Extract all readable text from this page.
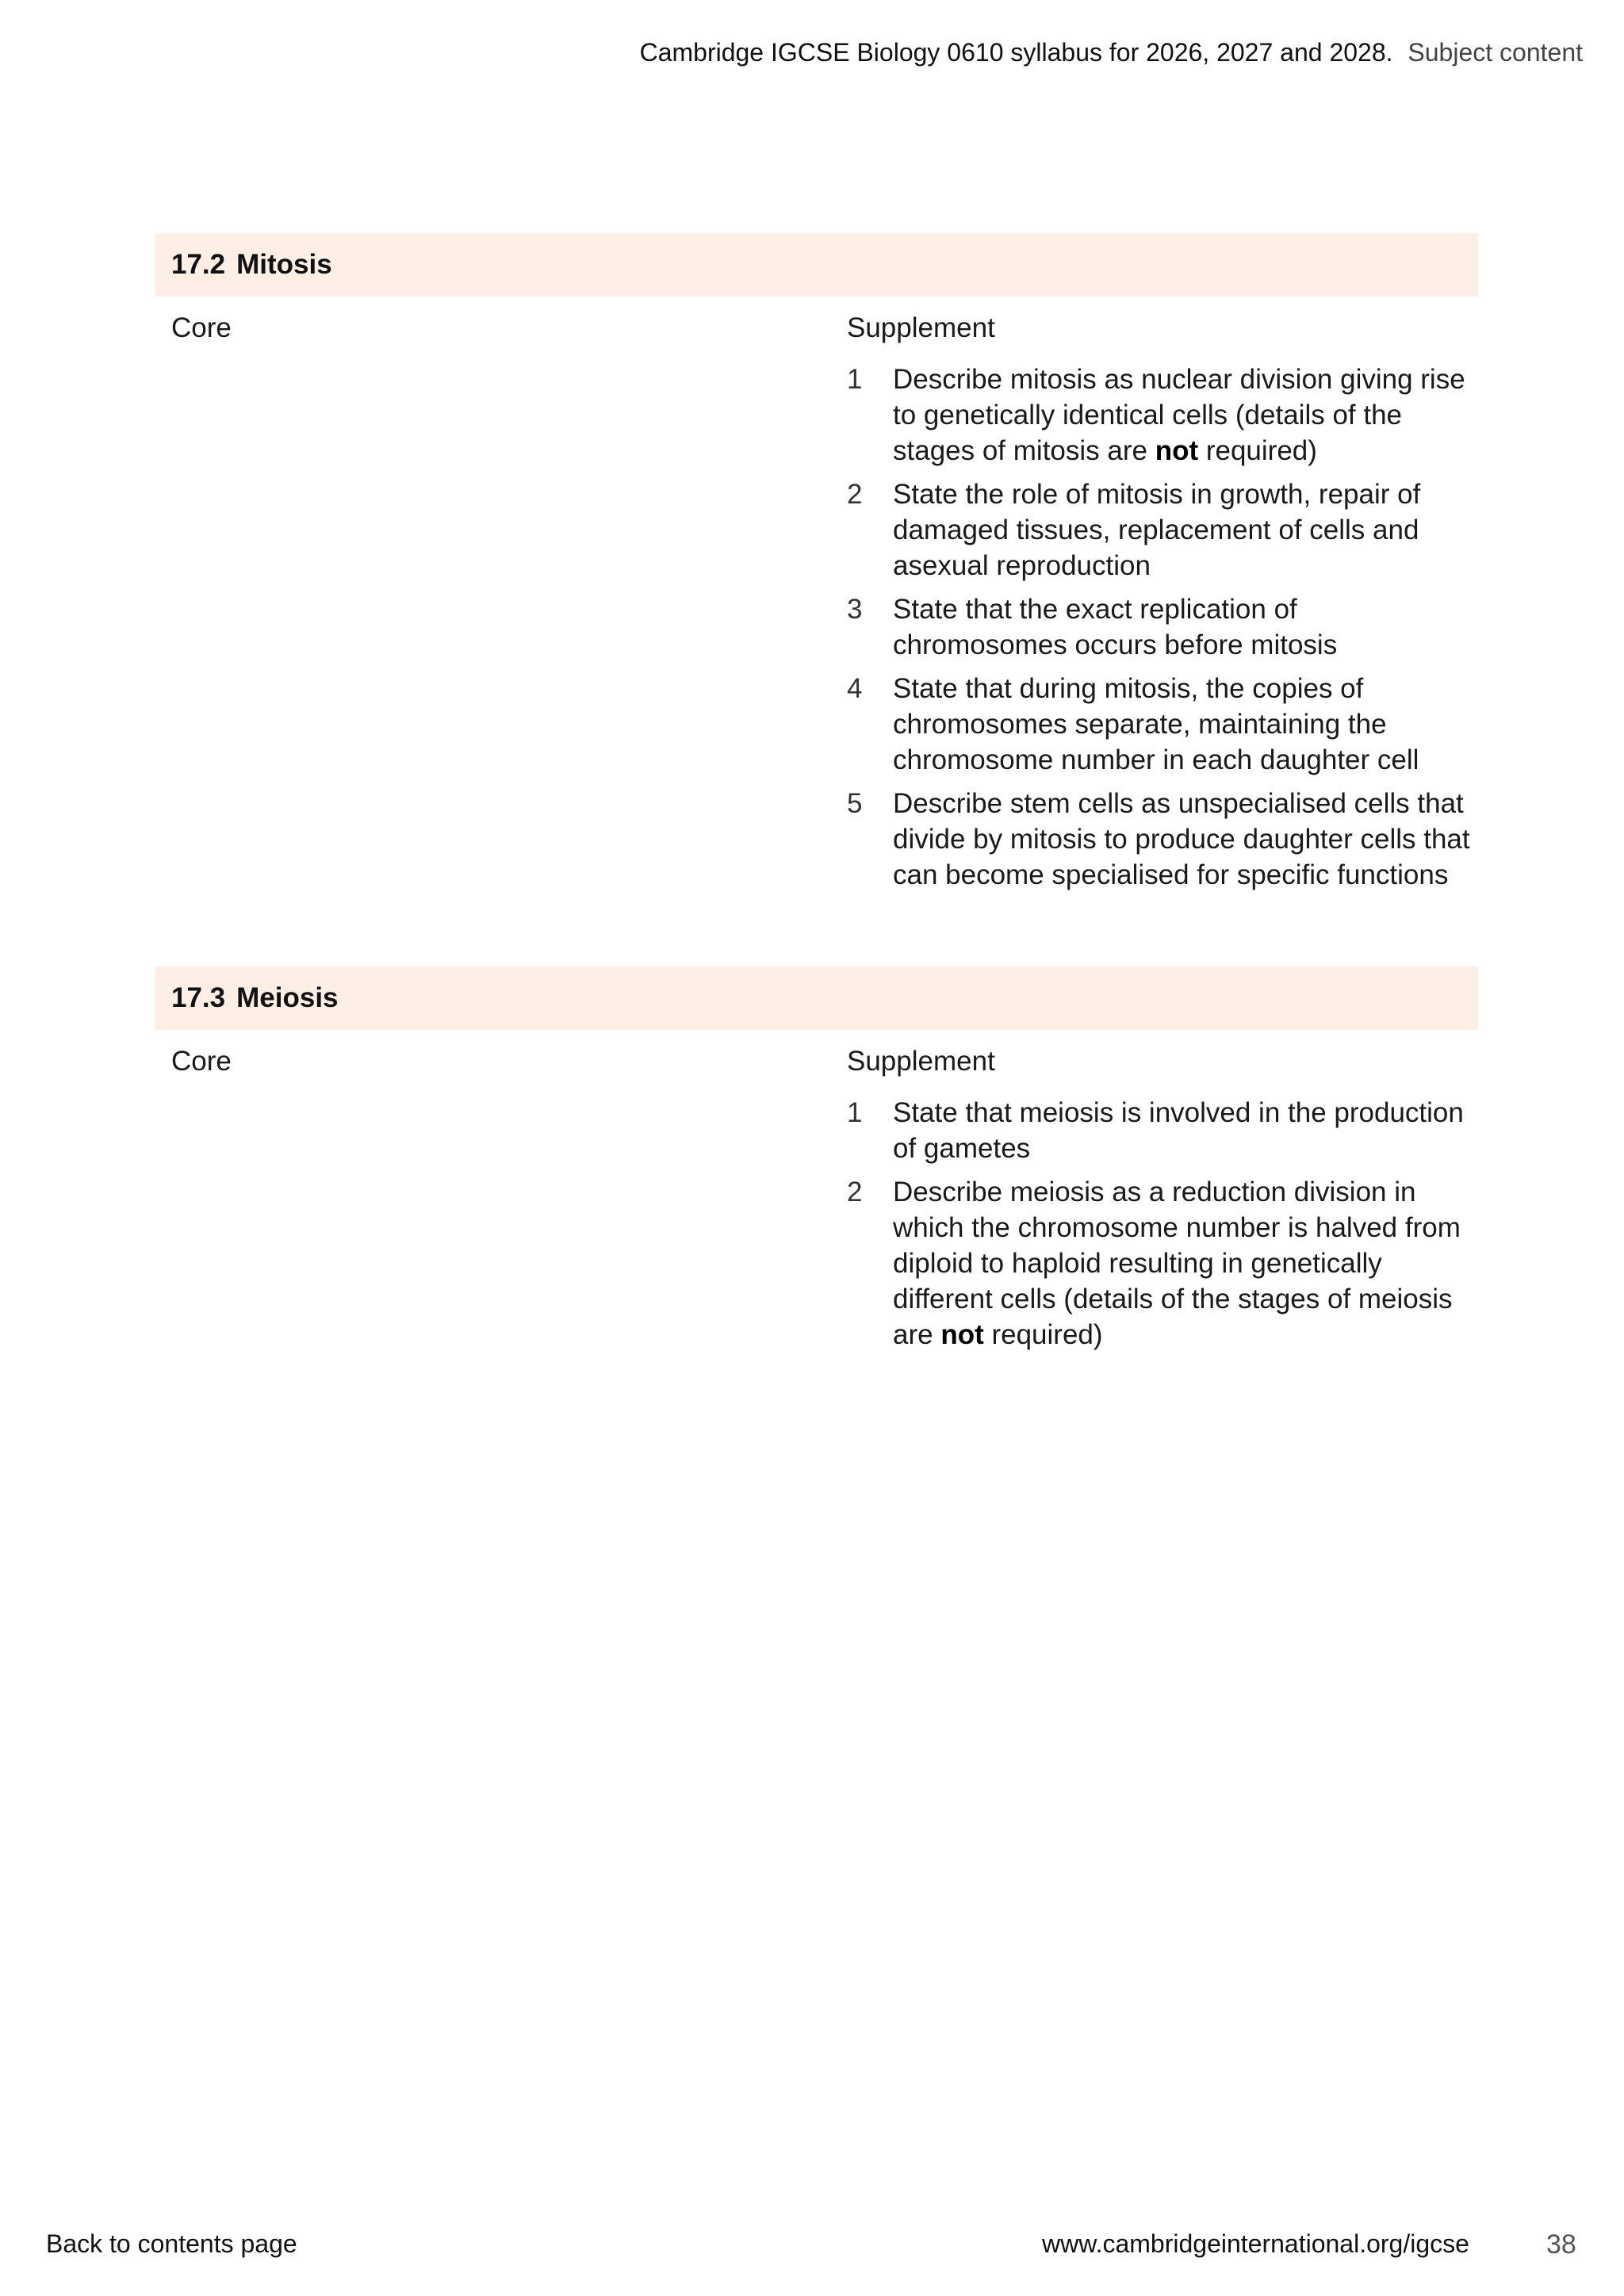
Cambridge IGCSE Biology 0610 syllabus for 2026, 2027 and 2028. Subject content
17.2 Mitosis
Core	Supplement
1	Describe mitosis as nuclear division giving rise to genetically identical cells (details of the stages of mitosis are not required)
2	State the role of mitosis in growth, repair of damaged tissues, replacement of cells and asexual reproduction
3	State that the exact replication of chromosomes occurs before mitosis
4	State that during mitosis, the copies of chromosomes separate, maintaining the chromosome number in each daughter cell
5	Describe stem cells as unspecialised cells that divide by mitosis to produce daughter cells that can become specialised for specific functions
17.3 Meiosis
Core	Supplement
1	State that meiosis is involved in the production of gametes
2	Describe meiosis as a reduction division in which the chromosome number is halved from diploid to haploid resulting in genetically different cells (details of the stages of meiosis are not required)
Back to contents page	www.cambridgeinternational.org/igcse	38
